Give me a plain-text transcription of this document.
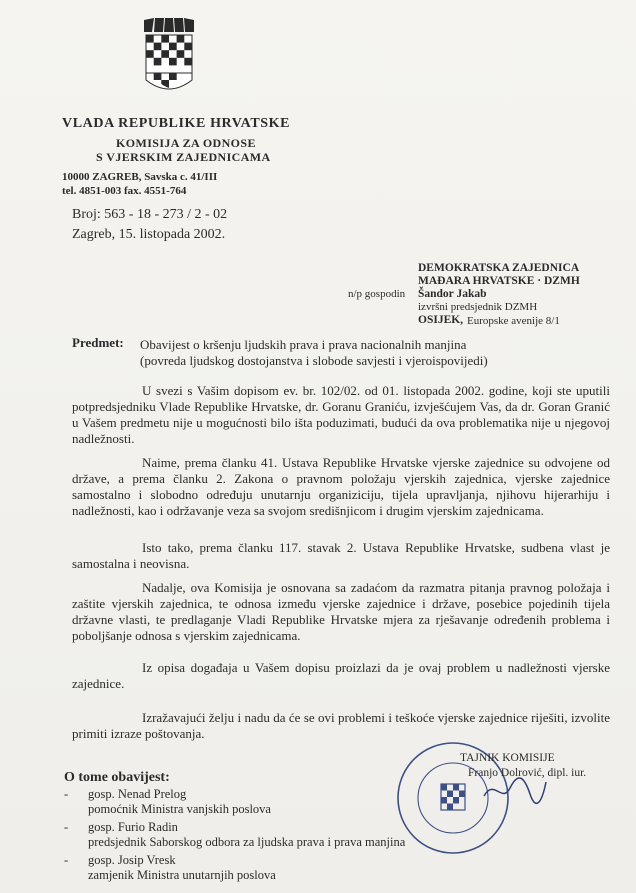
VLADA REPUBLIKE HRVATSKE
KOMISIJA ZA ODNOSE
S VJERSKIM ZAJEDNICAMA
10000 ZAGREB, Savska c. 41/III
tel. 4851-003 fax. 4551-764
Broj: 563 - 18 - 273 / 2 - 02
Zagreb, 15. listopada 2002.
DEMOKRATSKA ZAJEDNICA
MAĐARA HRVATSKE · DZMH
n/p gospodin Šandor Jakab
izvršni predsjednik DZMH
OSIJEK, Europske avenije 8/1
Predmet: Obavijest o kršenju ljudskih prava i prava nacionalnih manjina
(povreda ljudskog dostojanstva i slobode savjesti i vjeroispovijedi)

U svezi s Vašim dopisom ev. br. 102/02. od 01. listopada 2002. godine, koji ste uputili potpredsjedniku Vlade Republike Hrvatske, dr. Goranu Graniću, izvješćujem Vas, da dr. Goran Granić u Vašem predmetu nije u mogućnosti bilo išta poduzimati, budući da ova problematika nije u njegovoj nadležnosti.

Naime, prema članku 41. Ustava Republike Hrvatske vjerske zajednice su odvojene od države, a prema članku 2. Zakona o pravnom položaju vjerskih zajednica, vjerske zajednice samostalno i slobodno određuju unutarnju organiziciju, tijela upravljanja, njihovu hijerarhiju i nadležnosti, kao i održavanje veza sa svojom središnjicom i drugim vjerskim zajednicama.

Isto tako, prema članku 117. stavak 2. Ustava Republike Hrvatske, sudbena vlast je samostalna i neovisna.

Nadalje, ova Komisija je osnovana sa zadaćom da razmatra pitanja pravnog položaja i zaštite vjerskih zajednica, te odnosa između vjerske zajednice i države, posebice pojedinih tijela državne vlasti, te predlaganje Vladi Republike Hrvatske mjera za rješavanje određenih problema i poboljšanje odnosa s vjerskim zajednicama.

Iz opisa događaja u Vašem dopisu proizlazi da je ovaj problem u nadležnosti vjerske zajednice.

Izražavajući želju i nadu da će se ovi problemi i teškoće vjerske zajednice riješiti, izvolite primiti izraze poštovanja.

TAJNIK KOMISIJE
Franjo Dolrović, dipl. iur.
O tome obavijest:
- gosp. Nenad Prelog
pomoćnik Ministra vanjskih poslova
- gosp. Furio Radin
predsjednik Saborskog odbora za ljudska prava i prava manjina
- gosp. Josip Vresk
zamjenik Ministra unutarnjih poslova
